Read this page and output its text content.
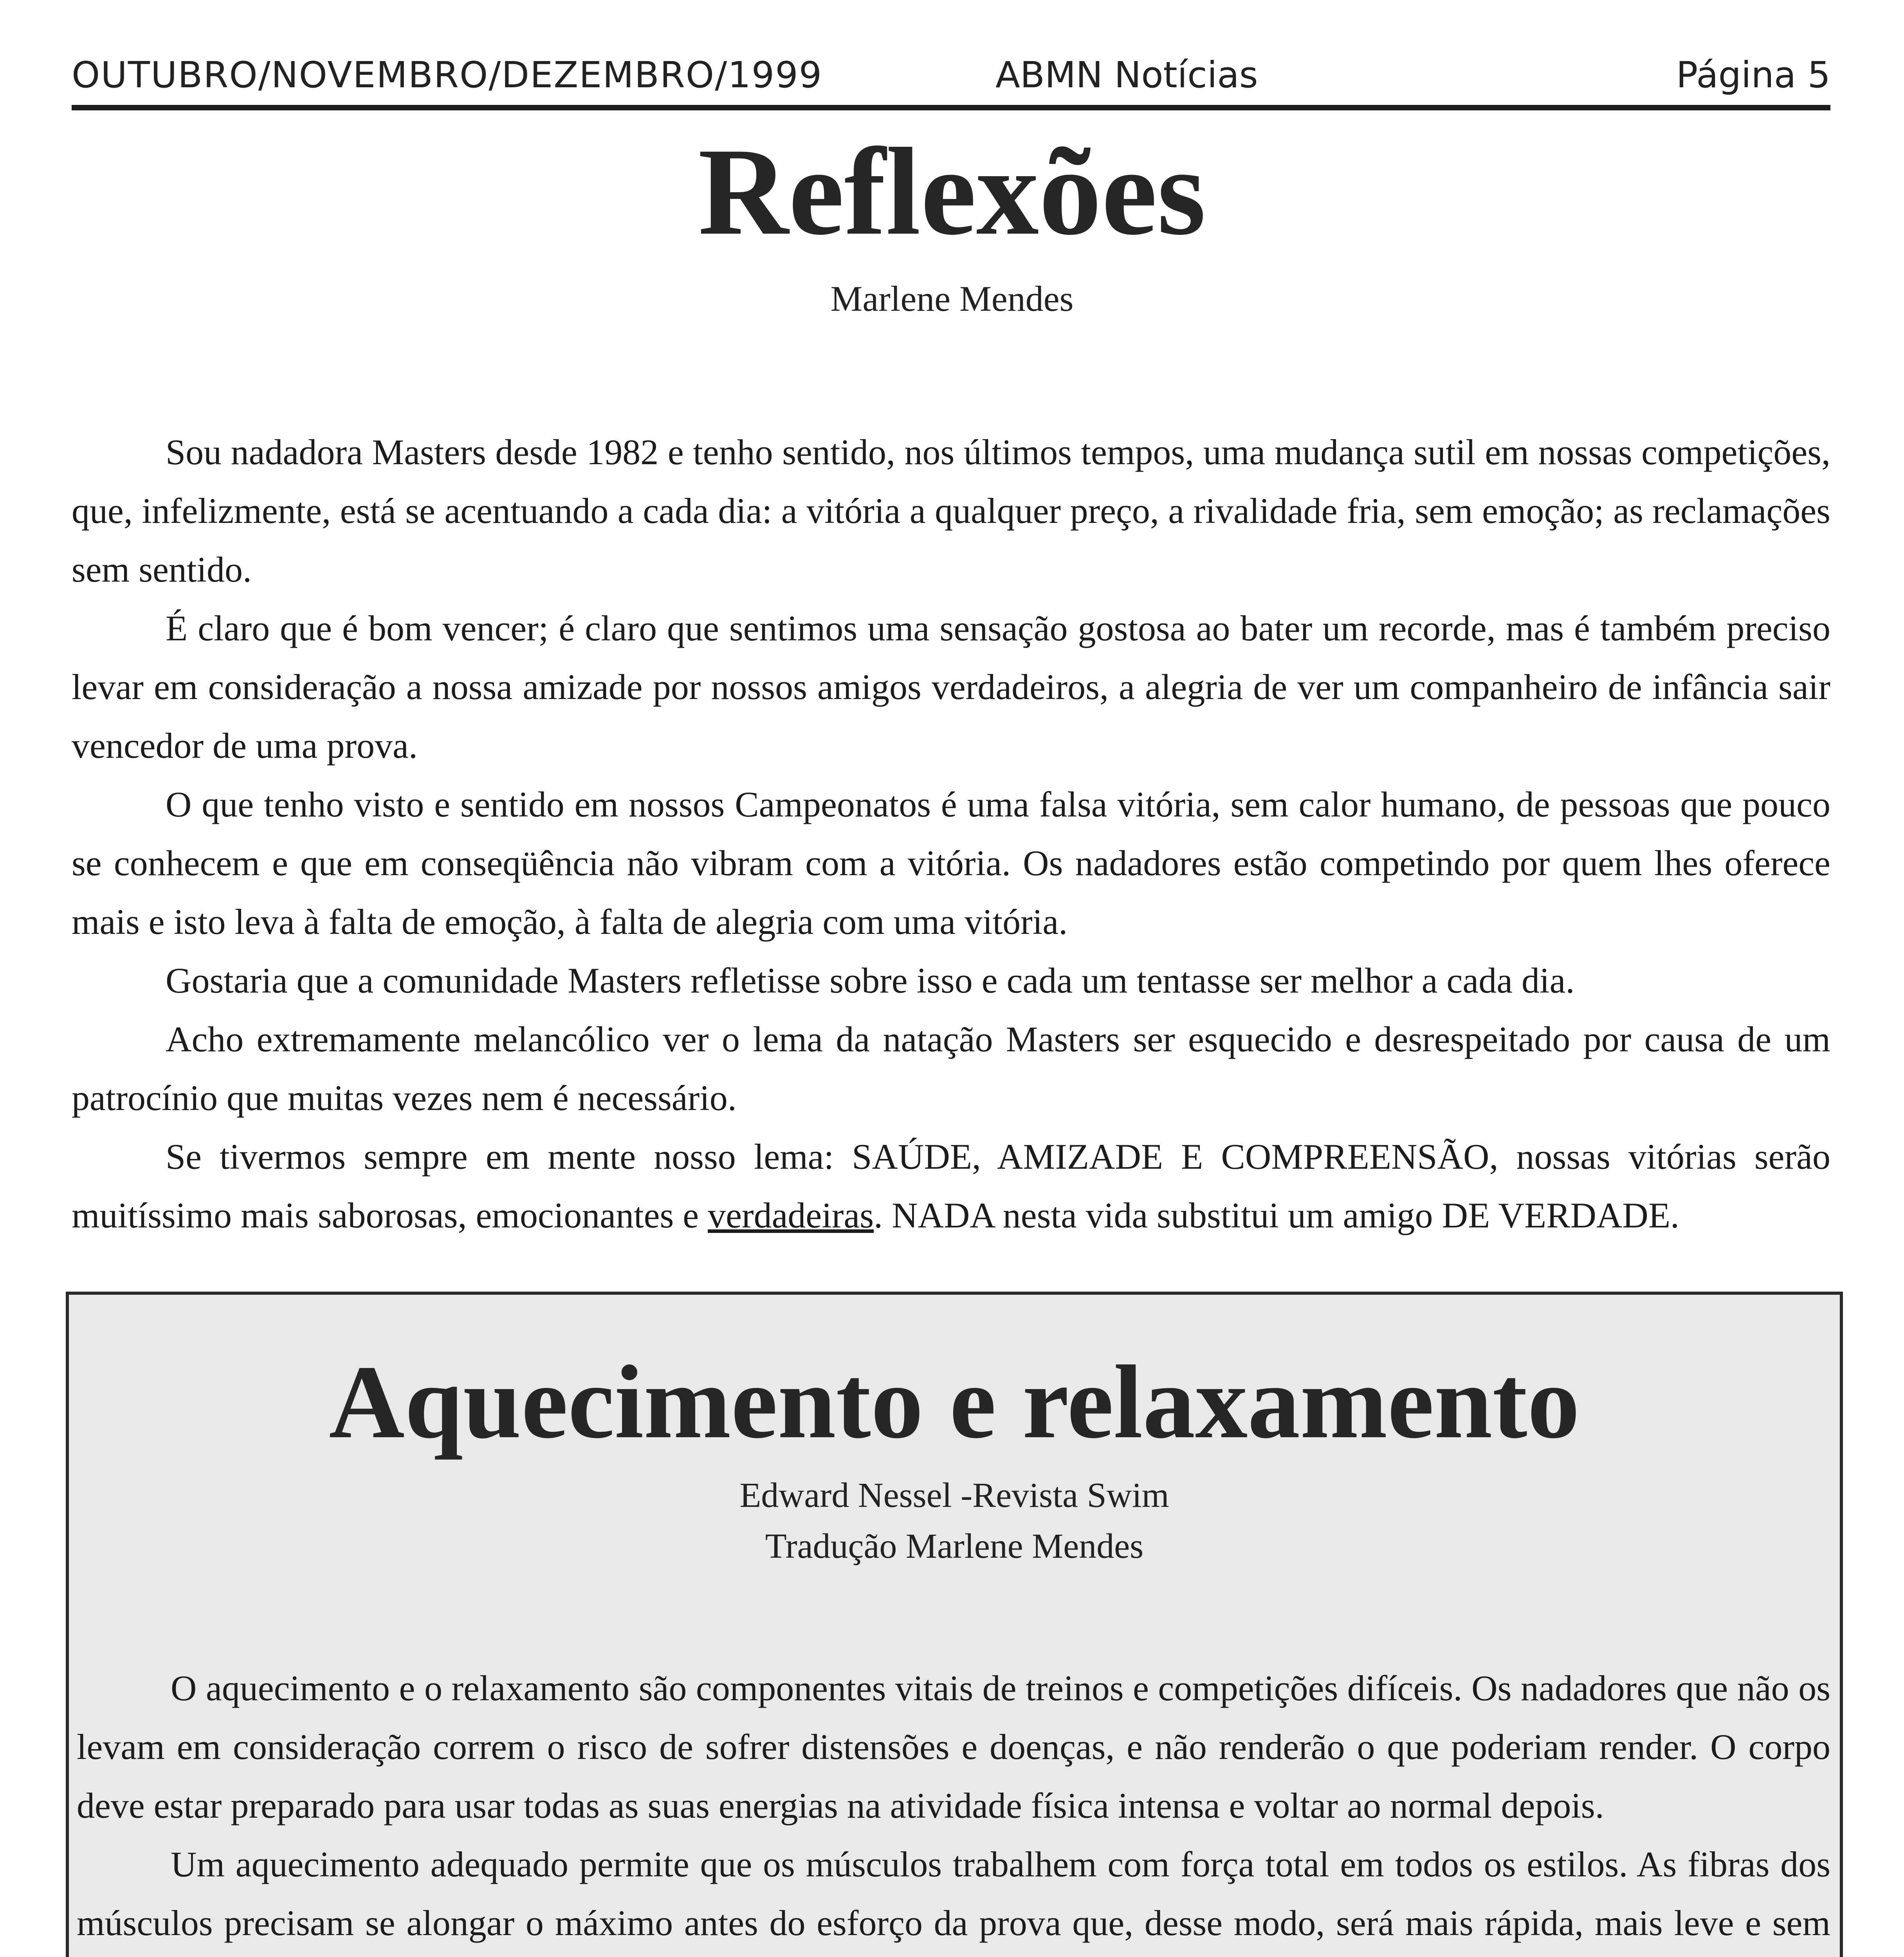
OUTUBRO/NOVEMBRO/DEZEMBRO/1999	ABMN Notícias	Página 5
Reflexões
Marlene Mendes

Sou nadadora Masters desde 1982 e tenho sentido, nos últimos tempos, uma mudança sutil em nossas competições, que, infelizmente, está se acentuando a cada dia: a vitória a qualquer preço, a rivalidade fria, sem emoção; as reclamações sem sentido.

É claro que é bom vencer; é claro que sentimos uma sensação gostosa ao bater um recorde, mas é também preciso levar em consideração a nossa amizade por nossos amigos verdadeiros, a alegria de ver um companheiro de infância sair vencedor de uma prova.

O que tenho visto e sentido em nossos Campeonatos é uma falsa vitória, sem calor humano, de pessoas que pouco se conhecem e que em conseqüência não vibram com a vitória. Os nadadores estão competindo por quem lhes oferece mais e isto leva à falta de emoção, à falta de alegria com uma vitória.

Gostaria que a comunidade Masters refletisse sobre isso e cada um tentasse ser melhor a cada dia.

Acho extremamente melancólico ver o lema da natação Masters ser esquecido e desrespeitado por causa de um patrocínio que muitas vezes nem é necessário.

Se tivermos sempre em mente nosso lema: SAÚDE, AMIZADE E COMPREENSÃO, nossas vitórias serão muitíssimo mais saborosas, emocionantes e verdadeiras. NADA nesta vida substitui um amigo DE VERDADE.

Aquecimento e relaxamento
Edward Nessel -Revista Swim
Tradução Marlene Mendes

O aquecimento e o relaxamento são componentes vitais de treinos e competições difíceis. Os nadadores que não os levam em consideração correm o risco de sofrer distensões e doenças, e não renderão o que poderiam render. O corpo deve estar preparado para usar todas as suas energias na atividade física intensa e voltar ao normal depois.

Um aquecimento adequado permite que os músculos trabalhem com força total em todos os estilos. As fibras dos músculos precisam se alongar o máximo antes do esforço da prova que, desse modo, será mais rápida, mais leve e sem
